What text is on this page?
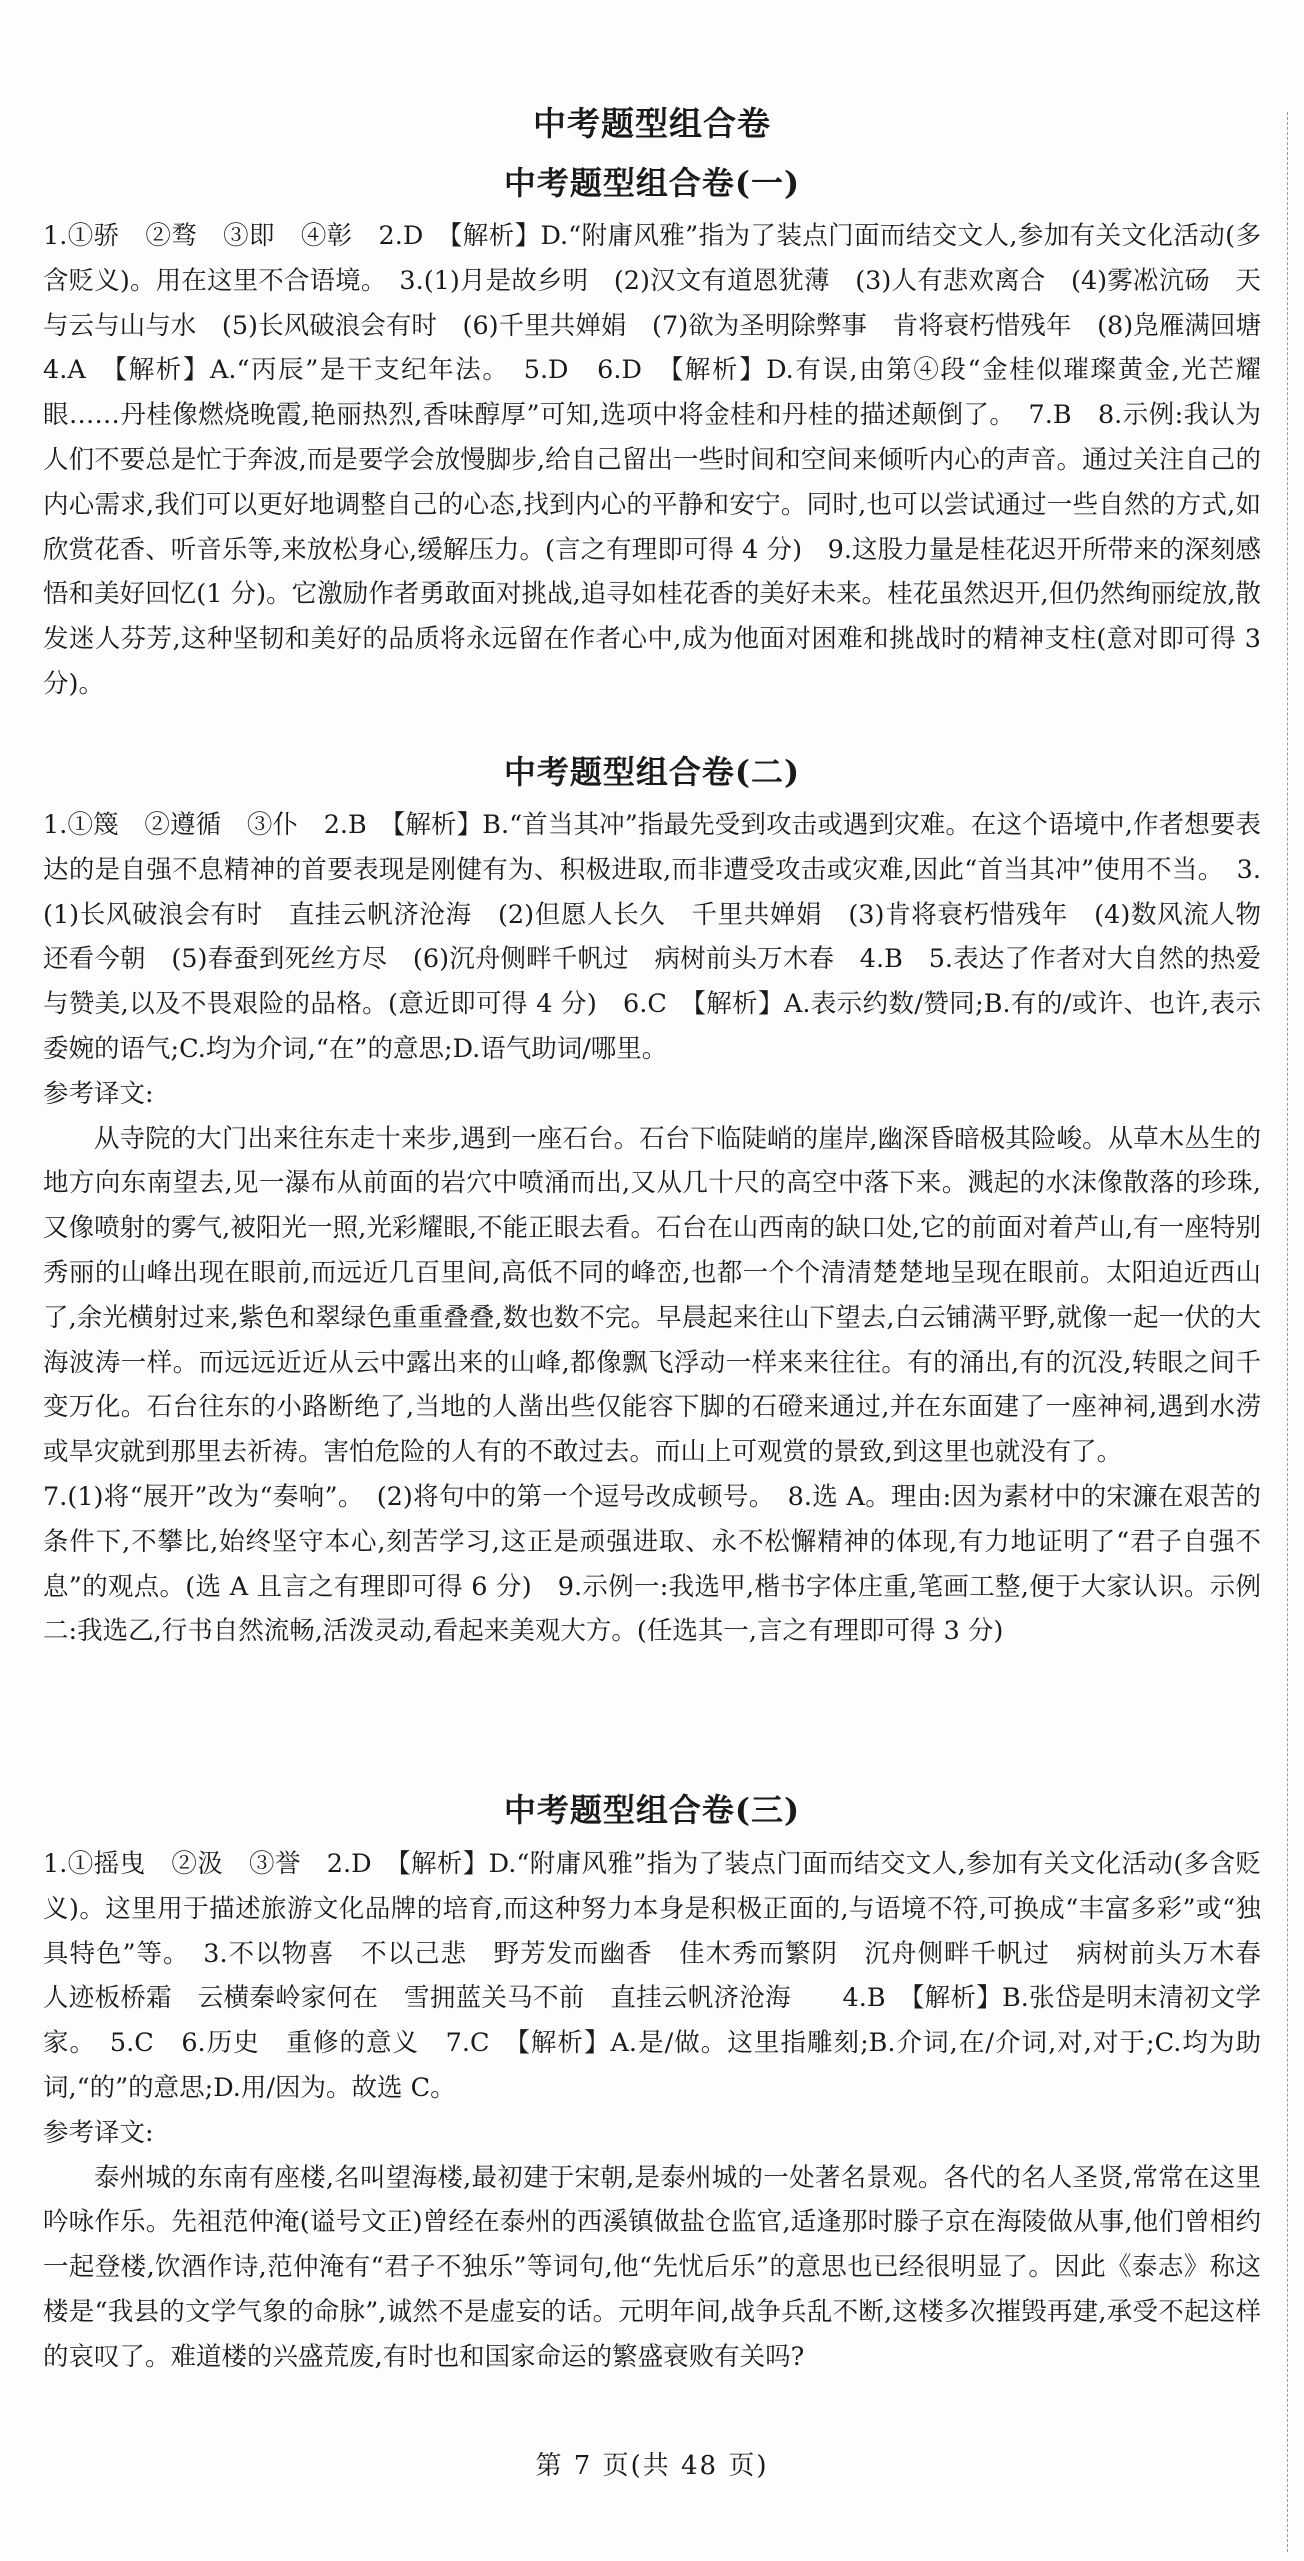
中考题型组合卷
中考题型组合卷(一)

1.①骄　②骛　③即　④彰　2.D　【解析】D.“附庸风雅”指为了装点门面而结交文人,参加有关文化活动(多含贬义)。用在这里不合语境。　3.(1)月是故乡明　(2)汉文有道恩犹薄　(3)人有悲欢离合　(4)雾凇沆砀　天与云与山与水　(5)长风破浪会有时　(6)千里共婵娟　(7)欲为圣明除弊事　肯将衰朽惜残年　(8)凫雁满回塘　4.A　【解析】A.“丙辰”是干支纪年法。　5.D　6.D　【解析】D.有误,由第④段“金桂似璀璨黄金,光芒耀眼……丹桂像燃烧晚霞,艳丽热烈,香味醇厚”可知,选项中将金桂和丹桂的描述颠倒了。　7.B　8.示例:我认为人们不要总是忙于奔波,而是要学会放慢脚步,给自己留出一些时间和空间来倾听内心的声音。通过关注自己的内心需求,我们可以更好地调整自己的心态,找到内心的平静和安宁。同时,也可以尝试通过一些自然的方式,如欣赏花香、听音乐等,来放松身心,缓解压力。(言之有理即可得 4 分)　9.这股力量是桂花迟开所带来的深刻感悟和美好回忆(1 分)。它激励作者勇敢面对挑战,追寻如桂花香的美好未来。桂花虽然迟开,但仍然绚丽绽放,散发迷人芬芳,这种坚韧和美好的品质将永远留在作者心中,成为他面对困难和挑战时的精神支柱(意对即可得 3 分)。

中考题型组合卷(二)

1.①篾　②遵循　③仆　2.B　【解析】B.“首当其冲”指最先受到攻击或遇到灾难。在这个语境中,作者想要表达的是自强不息精神的首要表现是刚健有为、积极进取,而非遭受攻击或灾难,因此“首当其冲”使用不当。　3.(1)长风破浪会有时　直挂云帆济沧海　(2)但愿人长久　千里共婵娟　(3)肯将衰朽惜残年　(4)数风流人物　还看今朝　(5)春蚕到死丝方尽　(6)沉舟侧畔千帆过　病树前头万木春　4.B　5.表达了作者对大自然的热爱与赞美,以及不畏艰险的品格。(意近即可得 4 分)　6.C　【解析】A.表示约数/赞同;B.有的/或许、也许,表示委婉的语气;C.均为介词,“在”的意思;D.语气助词/哪里。

参考译文:

从寺院的大门出来往东走十来步,遇到一座石台。石台下临陡峭的崖岸,幽深昏暗极其险峻。从草木丛生的地方向东南望去,见一瀑布从前面的岩穴中喷涌而出,又从几十尺的高空中落下来。溅起的水沫像散落的珍珠,又像喷射的雾气,被阳光一照,光彩耀眼,不能正眼去看。石台在山西南的缺口处,它的前面对着芦山,有一座特别秀丽的山峰出现在眼前,而远近几百里间,高低不同的峰峦,也都一个个清清楚楚地呈现在眼前。太阳迫近西山了,余光横射过来,紫色和翠绿色重重叠叠,数也数不完。早晨起来往山下望去,白云铺满平野,就像一起一伏的大海波涛一样。而远远近近从云中露出来的山峰,都像飘飞浮动一样来来往往。有的涌出,有的沉没,转眼之间千变万化。石台往东的小路断绝了,当地的人凿出些仅能容下脚的石磴来通过,并在东面建了一座神祠,遇到水涝或旱灾就到那里去祈祷。害怕危险的人有的不敢过去。而山上可观赏的景致,到这里也就没有了。

7.(1)将“展开”改为“奏响”。　(2)将句中的第一个逗号改成顿号。　8.选 A。理由:因为素材中的宋濂在艰苦的条件下,不攀比,始终坚守本心,刻苦学习,这正是顽强进取、永不松懈精神的体现,有力地证明了“君子自强不息”的观点。(选 A 且言之有理即可得 6 分)　9.示例一:我选甲,楷书字体庄重,笔画工整,便于大家认识。示例二:我选乙,行书自然流畅,活泼灵动,看起来美观大方。(任选其一,言之有理即可得 3 分)

中考题型组合卷(三)

1.①摇曳　②汲　③誉　2.D　【解析】D.“附庸风雅”指为了装点门面而结交文人,参加有关文化活动(多含贬义)。这里用于描述旅游文化品牌的培育,而这种努力本身是积极正面的,与语境不符,可换成“丰富多彩”或“独具特色”等。　3.不以物喜　不以己悲　野芳发而幽香　佳木秀而繁阴　沉舟侧畔千帆过　病树前头万木春　人迹板桥霜　云横秦岭家何在　雪拥蓝关马不前　直挂云帆济沧海　　4.B　【解析】B.张岱是明末清初文学家。　5.C　6.历史　重修的意义　7.C　【解析】A.是/做。这里指雕刻;B.介词,在/介词,对,对于;C.均为助词,“的”的意思;D.用/因为。故选 C。

参考译文:

泰州城的东南有座楼,名叫望海楼,最初建于宋朝,是泰州城的一处著名景观。各代的名人圣贤,常常在这里吟咏作乐。先祖范仲淹(谥号文正)曾经在泰州的西溪镇做盐仓监官,适逢那时滕子京在海陵做从事,他们曾相约一起登楼,饮酒作诗,范仲淹有“君子不独乐”等词句,他“先忧后乐”的意思也已经很明显了。因此《泰志》称这楼是“我县的文学气象的命脉”,诚然不是虚妄的话。元明年间,战争兵乱不断,这楼多次摧毁再建,承受不起这样的哀叹了。难道楼的兴盛荒废,有时也和国家命运的繁盛衰败有关吗?

第 7 页(共 48 页)
